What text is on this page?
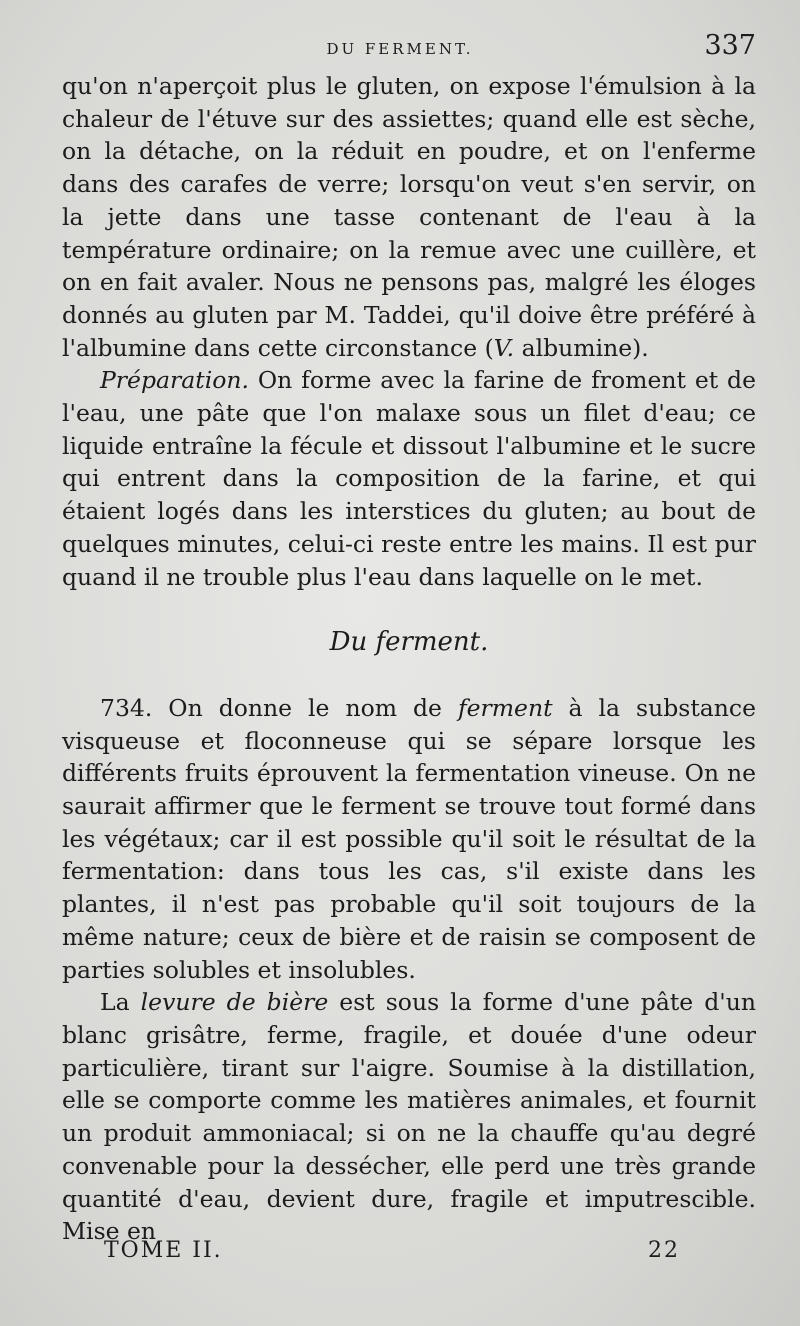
DU FERMENT.	337

qu'on n'aperçoit plus le gluten, on expose l'émulsion à la chaleur de l'étuve sur des assiettes; quand elle est sèche, on la détache, on la réduit en poudre, et on l'enferme dans des carafes de verre; lorsqu'on veut s'en servir, on la jette dans une tasse contenant de l'eau à la température ordinaire; on la remue avec une cuillère, et on en fait avaler. Nous ne pensons pas, malgré les éloges donnés au gluten par M. Taddei, qu'il doive être préféré à l'albumine dans cette circonstance (V. albumine).

Préparation. On forme avec la farine de froment et de l'eau, une pâte que l'on malaxe sous un filet d'eau; ce liquide entraîne la fécule et dissout l'albumine et le sucre qui entrent dans la composition de la farine, et qui étaient logés dans les interstices du gluten; au bout de quelques minutes, celui-ci reste entre les mains. Il est pur quand il ne trouble plus l'eau dans laquelle on le met.

Du ferment.

734. On donne le nom de ferment à la substance visqueuse et floconneuse qui se sépare lorsque les différents fruits éprouvent la fermentation vineuse. On ne saurait affirmer que le ferment se trouve tout formé dans les végétaux; car il est possible qu'il soit le résultat de la fermentation: dans tous les cas, s'il existe dans les plantes, il n'est pas probable qu'il soit toujours de la même nature; ceux de bière et de raisin se composent de parties solubles et insolubles.

La levure de bière est sous la forme d'une pâte d'un blanc grisâtre, ferme, fragile, et douée d'une odeur particulière, tirant sur l'aigre. Soumise à la distillation, elle se comporte comme les matières animales, et fournit un produit ammoniacal; si on ne la chauffe qu'au degré convenable pour la dessécher, elle perd une très grande quantité d'eau, devient dure, fragile et imputrescible. Mise en

TOME II.	22
